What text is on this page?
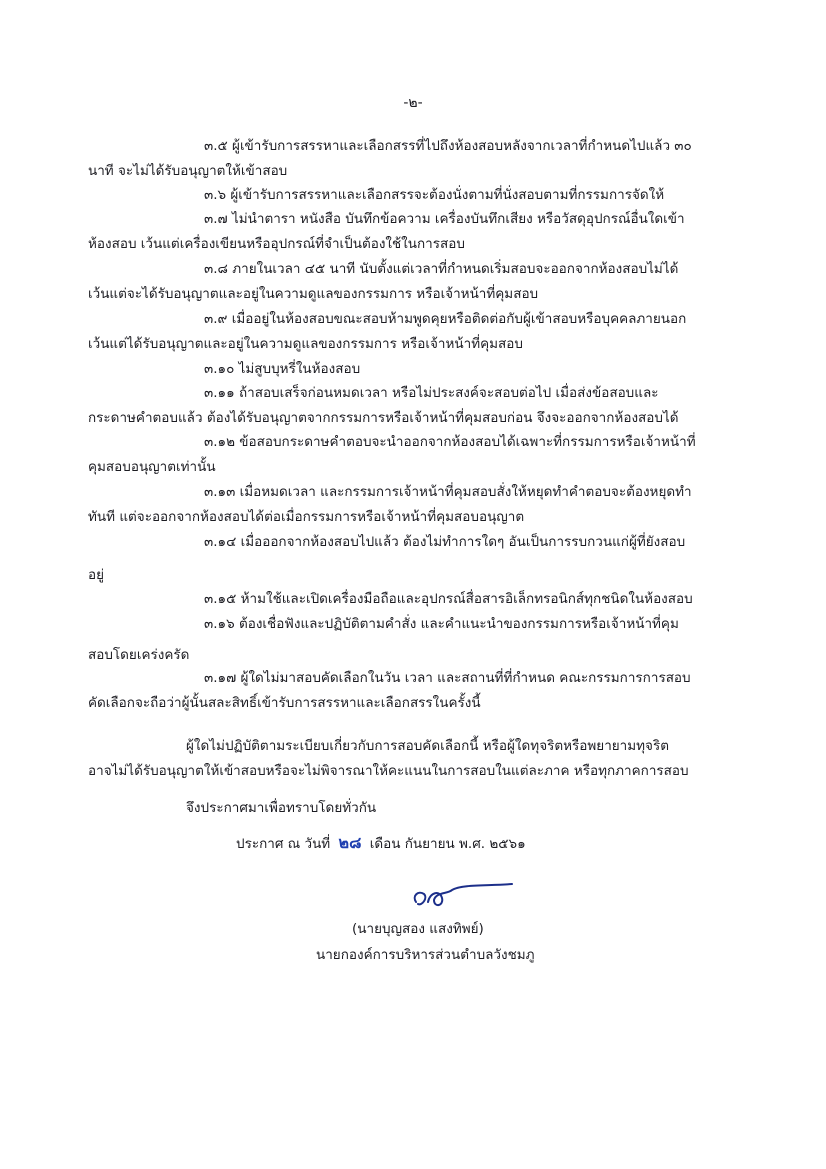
-๒-
๓.๕ ผู้เข้ารับการสรรหาและเลือกสรรที่ไปถึงห้องสอบหลังจากเวลาที่กำหนดไปแล้ว ๓๐
นาที จะไม่ได้รับอนุญาตให้เข้าสอบ
๓.๖ ผู้เข้ารับการสรรหาและเลือกสรรจะต้องนั่งตามที่นั่งสอบตามที่กรรมการจัดให้
๓.๗ ไม่นำตารา หนังสือ บันทึกข้อความ เครื่องบันทึกเสียง หรือวัสดุอุปกรณ์อื่นใดเข้า
ห้องสอบ เว้นแต่เครื่องเขียนหรืออุปกรณ์ที่จำเป็นต้องใช้ในการสอบ
๓.๘ ภายในเวลา ๔๕ นาที นับตั้งแต่เวลาที่กำหนดเริ่มสอบจะออกจากห้องสอบไม่ได้
เว้นแต่จะได้รับอนุญาตและอยู่ในความดูแลของกรรมการ หรือเจ้าหน้าที่คุมสอบ
๓.๙ เมื่ออยู่ในห้องสอบขณะสอบห้ามพูดคุยหรือติดต่อกับผู้เข้าสอบหรือบุคคลภายนอก
เว้นแต่ได้รับอนุญาตและอยู่ในความดูแลของกรรมการ หรือเจ้าหน้าที่คุมสอบ
๓.๑๐ ไม่สูบบุหรี่ในห้องสอบ
๓.๑๑ ถ้าสอบเสร็จก่อนหมดเวลา หรือไม่ประสงค์จะสอบต่อไป เมื่อส่งข้อสอบและ
กระดาษคำตอบแล้ว ต้องได้รับอนุญาตจากกรรมการหรือเจ้าหน้าที่คุมสอบก่อน จึงจะออกจากห้องสอบได้
๓.๑๒ ข้อสอบกระดาษคำตอบจะนำออกจากห้องสอบได้เฉพาะที่กรรมการหรือเจ้าหน้าที่
คุมสอบอนุญาตเท่านั้น
๓.๑๓ เมื่อหมดเวลา และกรรมการเจ้าหน้าที่คุมสอบสั่งให้หยุดทำคำตอบจะต้องหยุดทำ
ทันที แต่จะออกจากห้องสอบได้ต่อเมื่อกรรมการหรือเจ้าหน้าที่คุมสอบอนุญาต
๓.๑๔ เมื่อออกจากห้องสอบไปแล้ว ต้องไม่ทำการใดๆ อันเป็นการรบกวนแก่ผู้ที่ยังสอบ
อยู่
๓.๑๕ ห้ามใช้และเปิดเครื่องมือถือและอุปกรณ์สื่อสารอิเล็กทรอนิกส์ทุกชนิดในห้องสอบ
๓.๑๖ ต้องเชื่อฟังและปฏิบัติตามคำสั่ง และคำแนะนำของกรรมการหรือเจ้าหน้าที่คุม
สอบโดยเคร่งครัด
๓.๑๗ ผู้ใดไม่มาสอบคัดเลือกในวัน เวลา และสถานที่ที่กำหนด คณะกรรมการการสอบ
คัดเลือกจะถือว่าผู้นั้นสละสิทธิ์เข้ารับการสรรหาและเลือกสรรในครั้งนี้
ผู้ใดไม่ปฏิบัติตามระเบียบเกี่ยวกับการสอบคัดเลือกนี้ หรือผู้ใดทุจริตหรือพยายามทุจริต
อาจไม่ได้รับอนุญาตให้เข้าสอบหรือจะไม่พิจารณาให้คะแนนในการสอบในแต่ละภาค หรือทุกภาคการสอบ
จึงประกาศมาเพื่อทราบโดยทั่วกัน
ประกาศ ณ วันที่ ๒๘ เดือน กันยายน พ.ศ. ๒๕๖๑
(นายบุญสอง แสงทิพย์)
นายกองค์การบริหารส่วนตำบลวังชมภู
